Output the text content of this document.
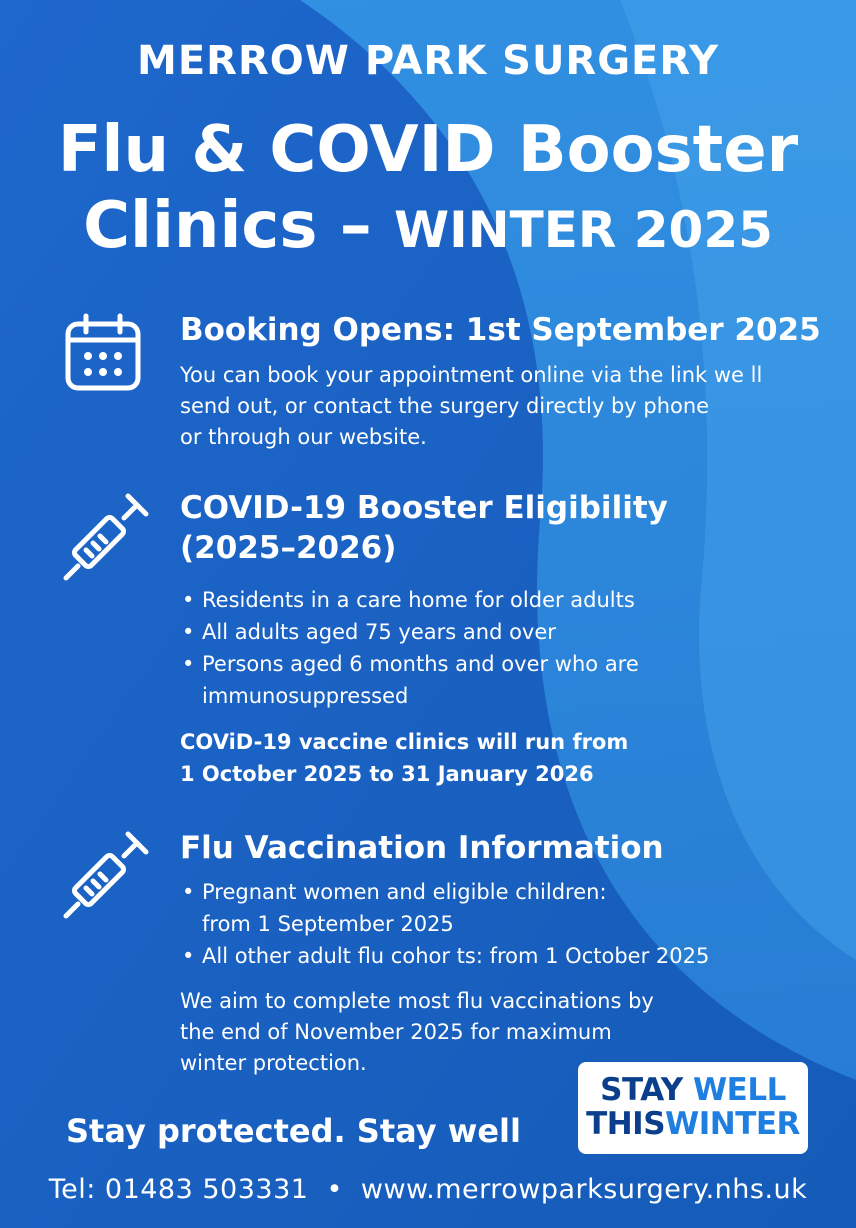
MERROW PARK SURGERY
Flu & COVID Booster
Clinics – WINTER 2025
Booking Opens: 1st September 2025
You can book your appointment online via the link we ll
send out, or contact the surgery directly by phone
or through our website.
COVID-19 Booster Eligibility
(2025–2026)
• Residents in a care home for older adults
• All adults aged 75 years and over
• Persons aged 6 months and over who are
immunosuppressed
COViD-19 vaccine clinics will run from
1 October 2025 to 31 January 2026
Flu Vaccination Information
• Pregnant women and eligible children:
from 1 September 2025
• All other adult flu cohor ts: from 1 October 2025
We aim to complete most flu vaccinations by
the end of November 2025 for maximum
winter protection.
Stay protected. Stay well
STAY WELL
THISWINTER
Tel: 01483 503331 • www.merrowparksurgery.nhs.uk
